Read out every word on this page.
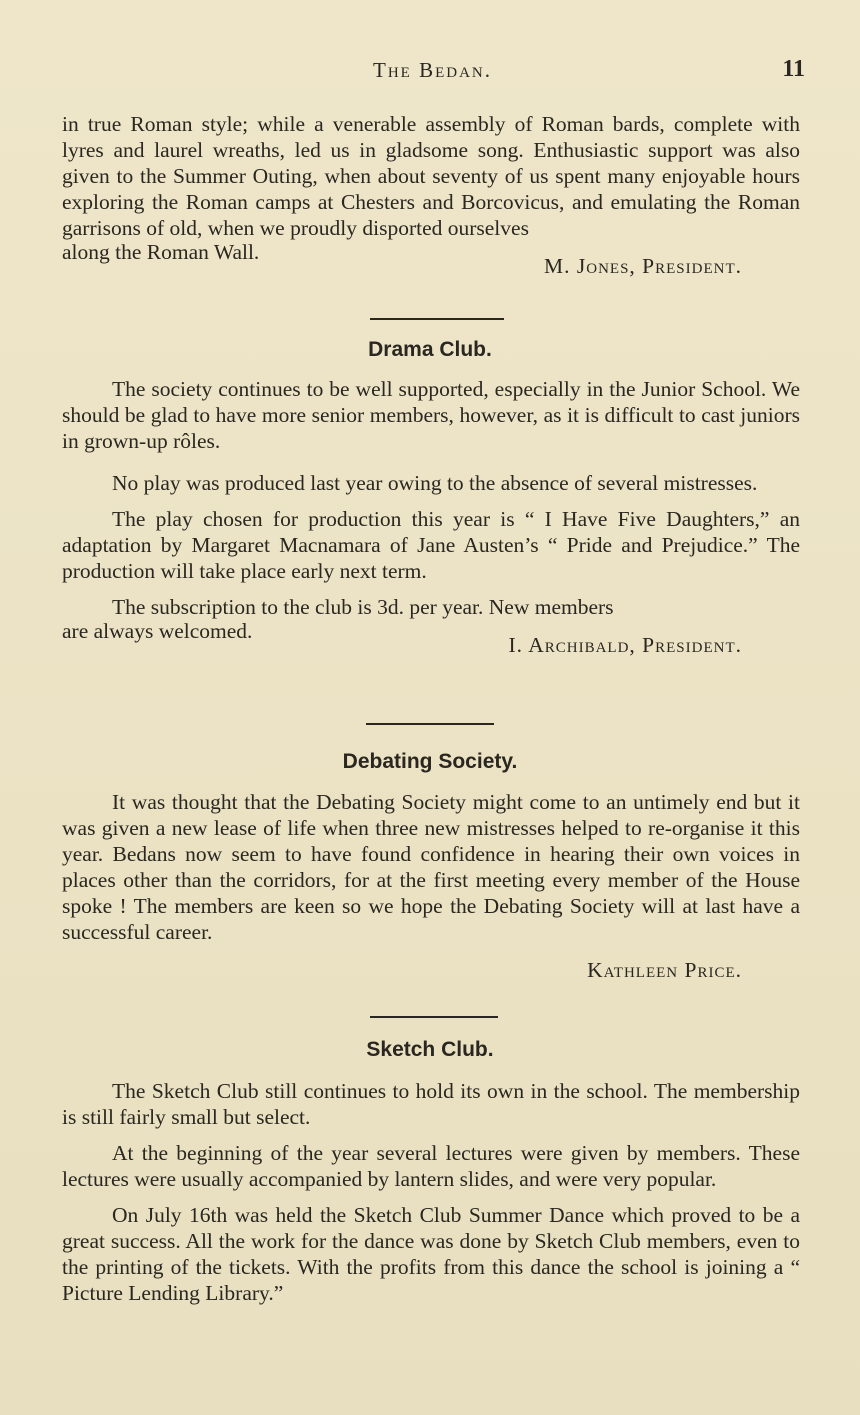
The Bedan.	11

in true Roman style; while a venerable assembly of Roman bards, complete with lyres and laurel wreaths, led us in gladsome song. Enthusiastic support was also given to the Summer Outing, when about seventy of us spent many enjoyable hours exploring the Roman camps at Chesters and Borcovicus, and emulating the Roman garrisons of old, when we proudly disported ourselves

along the Roman Wall.
M. Jones, President.
Drama Club.

The society continues to be well supported, especially in the Junior School. We should be glad to have more senior members, however, as it is difficult to cast juniors in grown-up rôles.

No play was produced last year owing to the absence of several mistresses.

The play chosen for production this year is “ I Have Five Daughters,” an adaptation by Margaret Macnamara of Jane Austen’s “ Pride and Prejudice.” The production will take place early next term.

The subscription to the club is 3d. per year. New members

are always welcomed.
I. Archibald, President.
Debating Society.

It was thought that the Debating Society might come to an untimely end but it was given a new lease of life when three new mistresses helped to re-organise it this year. Bedans now seem to have found confidence in hearing their own voices in places other than the corridors, for at the first meeting every member of the House spoke ! The members are keen so we hope the Debating Society will at last have a successful career.

Kathleen Price.
Sketch Club.

The Sketch Club still continues to hold its own in the school. The membership is still fairly small but select.

At the beginning of the year several lectures were given by members. These lectures were usually accompanied by lantern slides, and were very popular.

On July 16th was held the Sketch Club Summer Dance which proved to be a great success. All the work for the dance was done by Sketch Club members, even to the printing of the tickets. With the profits from this dance the school is joining a “ Picture Lending Library.”
